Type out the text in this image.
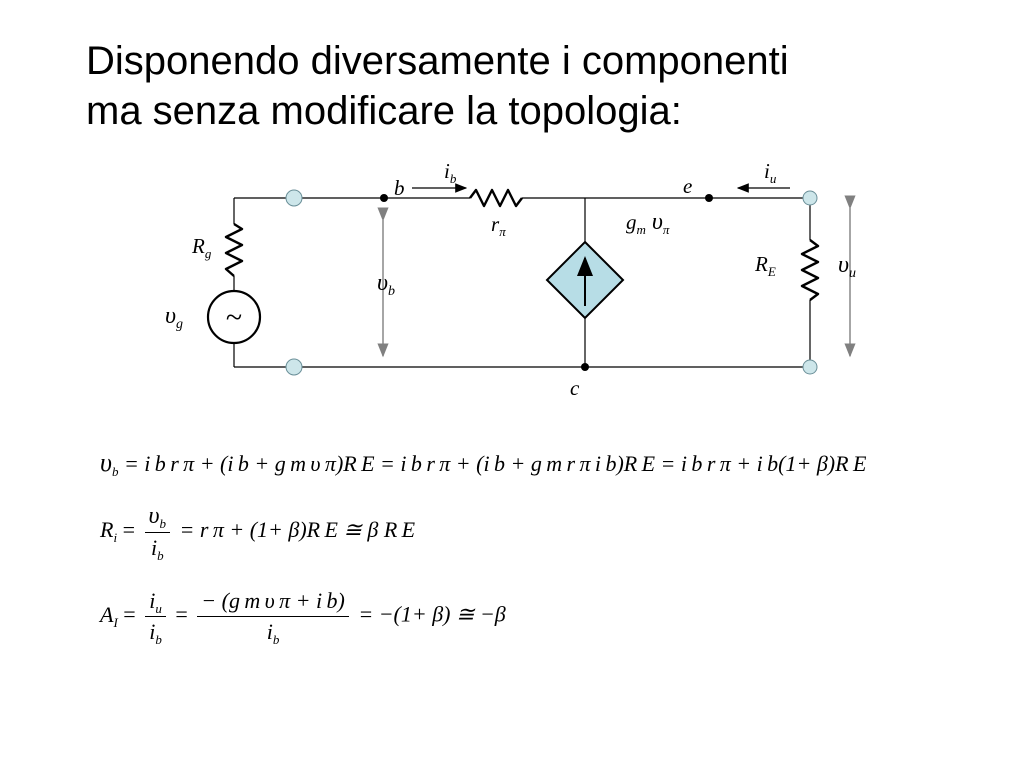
Disponendo diversamente i componenti
ma senza modificare la topologia:
~
b	e
c
$i_b$	$i_u$
$r_\pi$	$g_m$ $\upsilon_\pi$
$R_g$	$R_E$
$\upsilon_g$
$\upsilon_b$
$\upsilon_u$
$\upsilon_b = i$ b r π + (i b + g m υ π)R E = i b r π + (i b + g m r π i b)R E = i b r π + i b(1+ β)R E
$R_i = \frac{\upsilon_b}{i_b} = r$ π + (1+ β)R E ≅ β R E
$A_I = \frac{i_u}{i_b} = \frac{\text{− (g m υ π + i b)}}{i_b} = -(1+ \beta)$ ≅ −β
